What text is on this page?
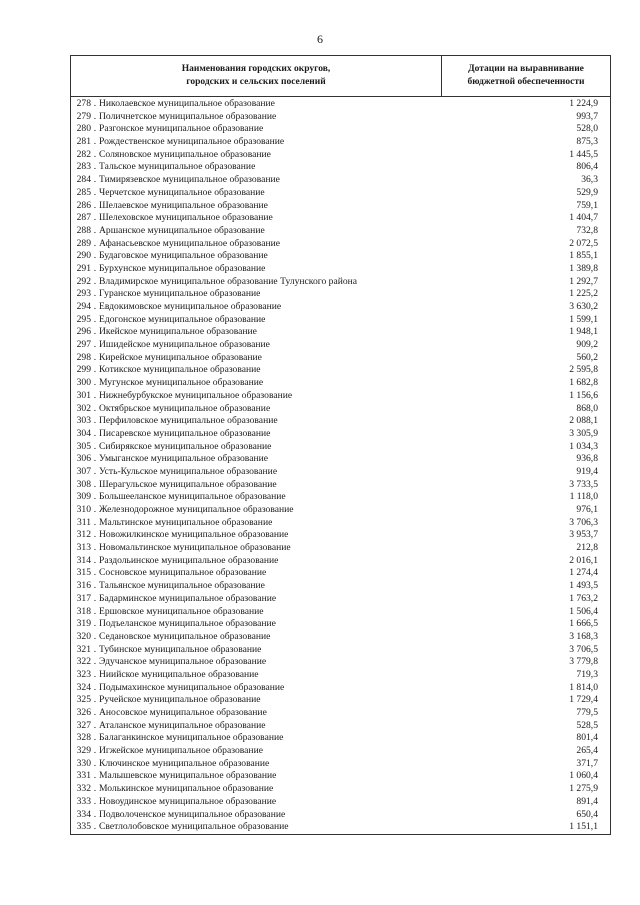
6
Наименования городских округов,
городских и сельских поселений
Дотации на выравнивание
бюджетной обеспеченности
278 . Николаевское муниципальное образование	1 224,9
279 . Поличнетское муниципальное образование	993,7
280 . Разгонское муниципальное образование	528,0
281 . Рождественское муниципальное образование	875,3
282 . Соляновское муниципальное образование	1 445,5
283 . Тальское муниципальное образование	806,4
284 . Тимирязевское муниципальное образование	36,3
285 . Черчетское муниципальное образование	529,9
286 . Шелаевское муниципальное образование	759,1
287 . Шелеховское муниципальное образование	1 404,7
288 . Аршанское муниципальное образование	732,8
289 . Афанасьевское муниципальное образование	2 072,5
290 . Будаговское муниципальное образование	1 855,1
291 . Бурхунское муниципальное образование	1 389,8
292 . Владимирское муниципальное образование Тулунского района	1 292,7
293 . Гуранское муниципальное образование	1 225,2
294 . Евдокимовское муниципальное образование	3 630,2
295 . Едогонское муниципальное образование	1 599,1
296 . Икейское муниципальное образование	1 948,1
297 . Ишидейское муниципальное образование	909,2
298 . Кирейское муниципальное образование	560,2
299 . Котикское муниципальное образование	2 595,8
300 . Мугунское муниципальное образование	1 682,8
301 . Нижнебурбукское муниципальное образование	1 156,6
302 . Октябрьское муниципальное образование	868,0
303 . Перфиловское муниципальное образование	2 088,1
304 . Писаревское муниципальное образование	3 305,9
305 . Сибирякское муниципальное образование	1 034,3
306 . Умыганское муниципальное образование	936,8
307 . Усть-Кульское муниципальное образование	919,4
308 . Шерагульское муниципальное образование	3 733,5
309 . Большееланское муниципальное образование	1 118,0
310 . Железнодорожное муниципальное образование	976,1
311 . Мальтинское муниципальное образование	3 706,3
312 . Новожилкинское муниципальное образование	3 953,7
313 . Новомальтинское муниципальное образование	212,8
314 . Раздольинское муниципальное образование	2 016,1
315 . Сосновское муниципальное образование	1 274,4
316 . Тальянское муниципальное образование	1 493,5
317 . Бадарминское муниципальное образование	1 763,2
318 . Ершовское муниципальное образование	1 506,4
319 . Подъеланское муниципальное образование	1 666,5
320 . Седановское муниципальное образование	3 168,3
321 . Тубинское муниципальное образование	3 706,5
322 . Эдучанское муниципальное образование	3 779,8
323 . Ниийское муниципальное образование	719,3
324 . Подымахинское муниципальное образование	1 814,0
325 . Ручейское муниципальное образование	1 729,4
326 . Аносовское муниципальное образование	779,5
327 . Аталанское муниципальное образование	528,5
328 . Балаганкинское муниципальное образование	801,4
329 . Игжейское муниципальное образование	265,4
330 . Ключинское муниципальное образование	371,7
331 . Малышевское муниципальное образование	1 060,4
332 . Молькинское муниципальное образование	1 275,9
333 . Новоудинское муниципальное образование	891,4
334 . Подволоченское муниципальное образование	650,4
335 . Светлолобовское муниципальное образование	1 151,1
